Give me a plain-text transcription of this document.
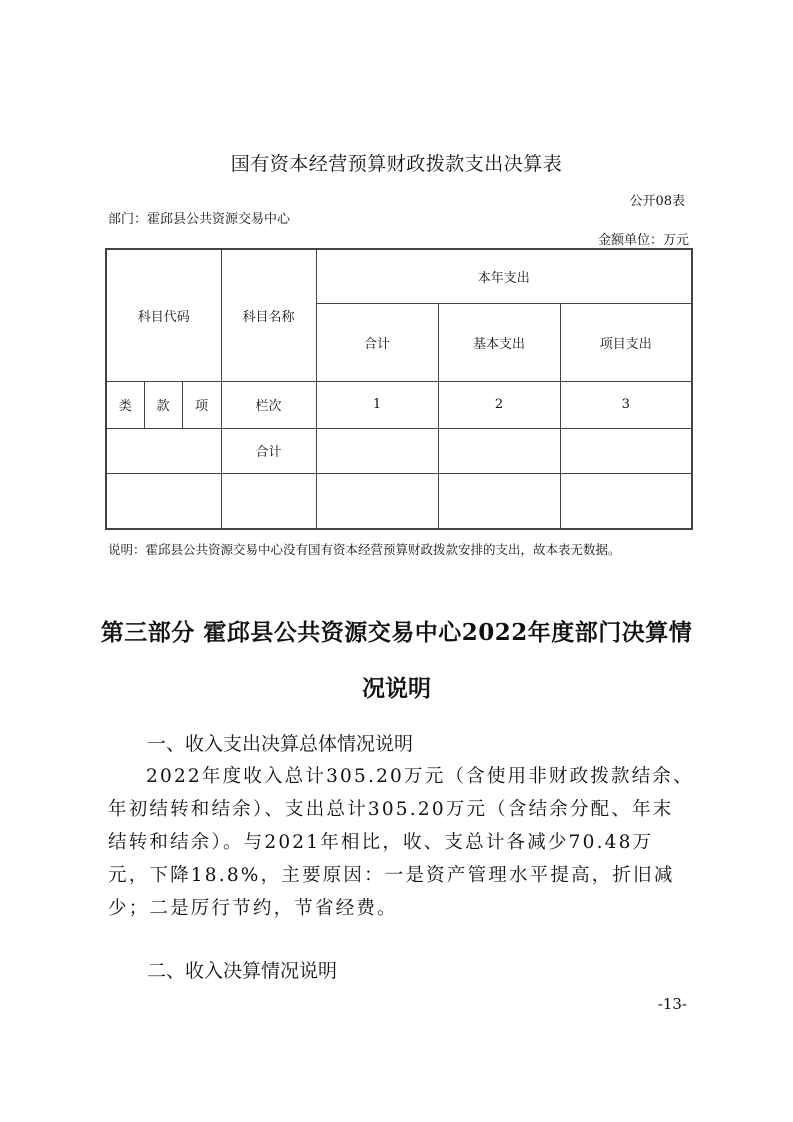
国有资本经营预算财政拨款支出决算表
公开08表
部门：霍邱县公共资源交易中心
金额单位：万元
科目代码			科目名称	本年支出		
				合计	基本支出	项目支出
类	款	项	栏次	1	2	3
			合计			

说明：霍邱县公共资源交易中心没有国有资本经营预算财政拨款安排的支出，故本表无数据。
第三部分 霍邱县公共资源交易中心2022年度部门决算情
况说明
一、收入支出决算总体情况说明
2022年度收入总计305.20万元（含使用非财政拨款结余、年初结转和结余）、支出总计305.20万元（含结余分配、年末结转和结余）。与2021年相比，收、支总计各减少70.48万元，下降18.8%，主要原因：一是资产管理水平提高，折旧减少；二是厉行节约，节省经费。
二、收入决算情况说明
-13-
